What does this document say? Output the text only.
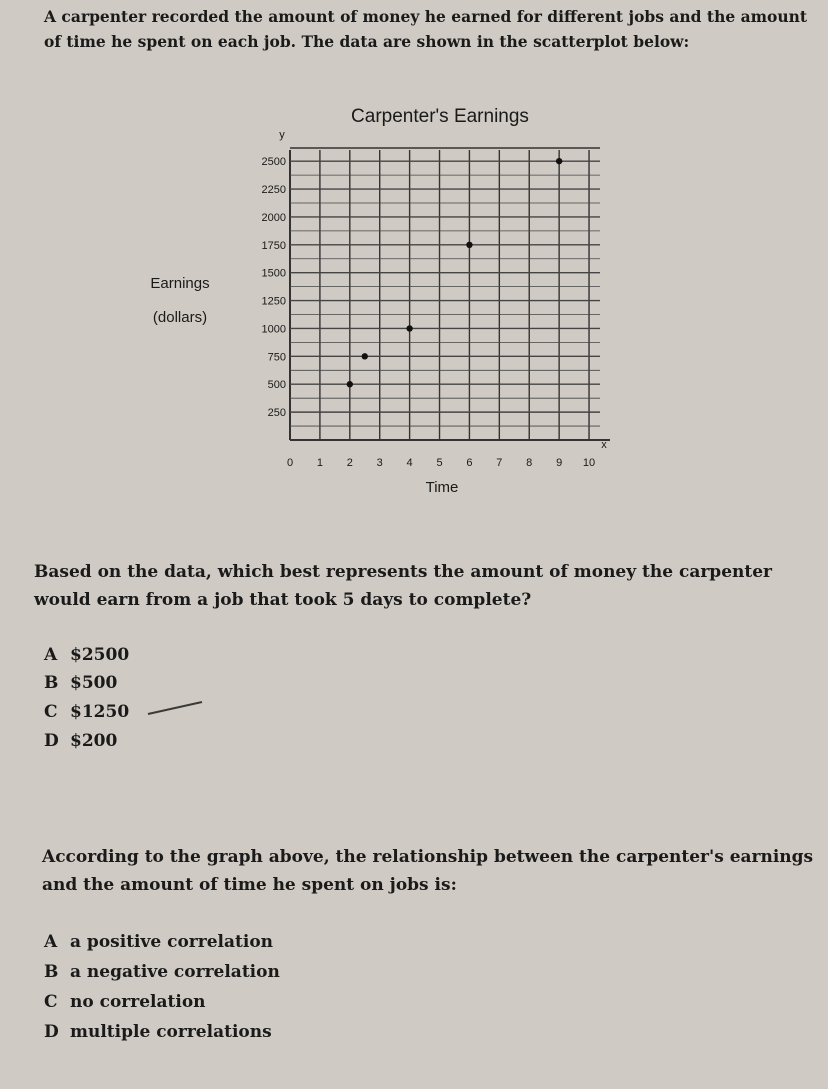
A carpenter recorded the amount of money he earned for different jobs and the amount of time he spent on each job. The data are shown in the scatterplot below:
Carpenter's Earnings
y
x
Earnings
(dollars)
Time
0 1 2 3 4 5 6 7 8 9 10
250
500
750
1000
1250
1500
1750
2000
2250
2500
Based on the data, which best represents the amount of money the carpenter would earn from a job that took 5 days to complete?
A $2500
B $500
C $1250
D $200
According to the graph above, the relationship between the carpenter's earnings and the amount of time he spent on jobs is:
A a positive correlation
B a negative correlation
C no correlation
D multiple correlations
